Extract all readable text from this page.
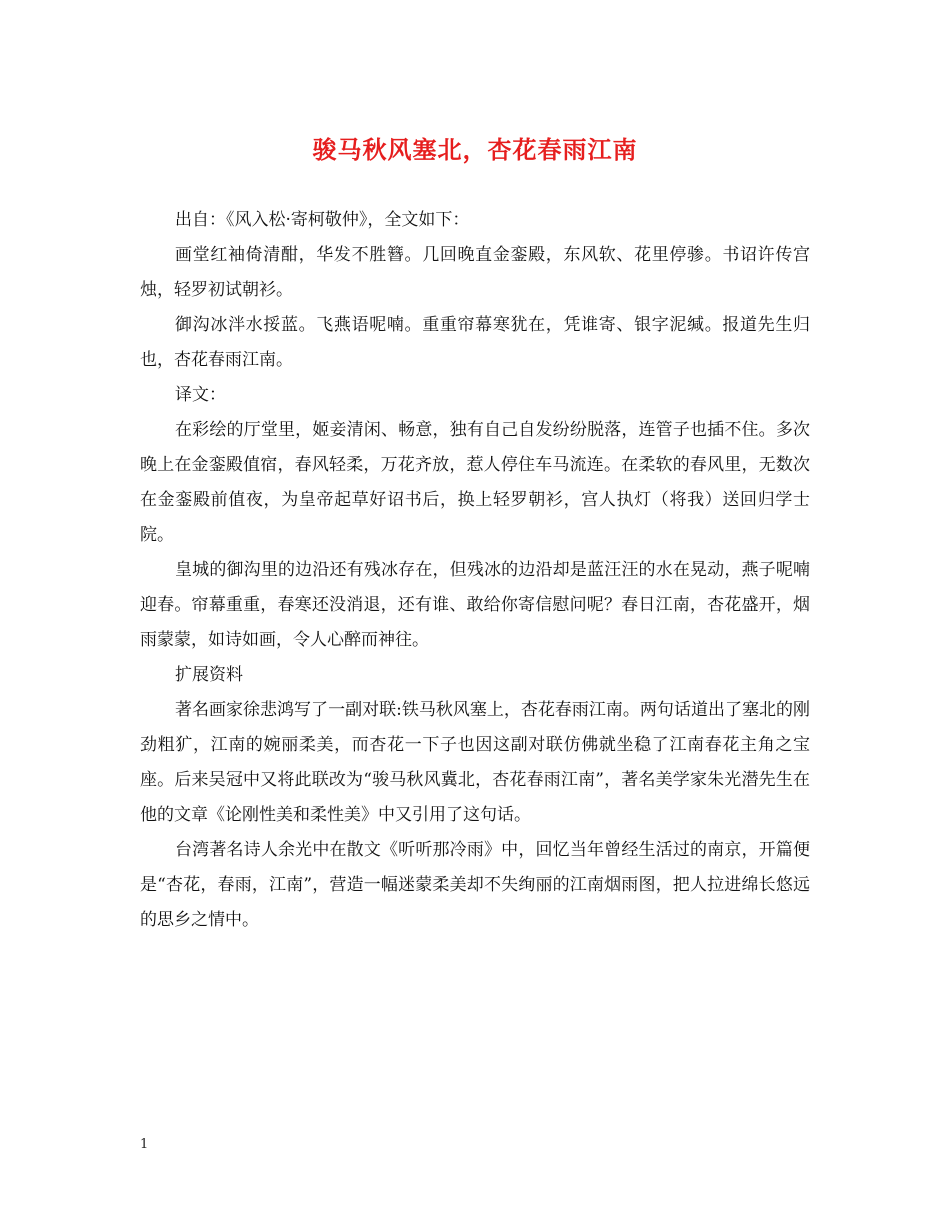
骏马秋风塞北，杏花春雨江南

出自：《风入松·寄柯敬仲》，全文如下：

画堂红袖倚清酣，华发不胜簪。几回晚直金銮殿，东风软、花里停骖。书诏许传宫烛，轻罗初试朝衫。

御沟冰泮水挼蓝。飞燕语呢喃。重重帘幕寒犹在，凭谁寄、银字泥缄。报道先生归也，杏花春雨江南。

译文：

在彩绘的厅堂里，姬妾清闲、畅意，独有自己自发纷纷脱落，连管子也插不住。多次晚上在金銮殿值宿，春风轻柔，万花齐放，惹人停住车马流连。在柔软的春风里，无数次在金銮殿前值夜，为皇帝起草好诏书后，换上轻罗朝衫，宫人执灯（将我）送回归学士院。

皇城的御沟里的边沿还有残冰存在，但残冰的边沿却是蓝汪汪的水在晃动，燕子呢喃迎春。帘幕重重，春寒还没消退，还有谁、敢给你寄信慰问呢？春日江南，杏花盛开，烟雨蒙蒙，如诗如画，令人心醉而神往。

扩展资料

著名画家徐悲鸿写了一副对联:铁马秋风塞上，杏花春雨江南。两句话道出了塞北的刚劲粗犷，江南的婉丽柔美，而杏花一下子也因这副对联仿佛就坐稳了江南春花主角之宝座。后来吴冠中又将此联改为“骏马秋风冀北，杏花春雨江南”，著名美学家朱光潜先生在他的文章《论刚性美和柔性美》中又引用了这句话。

台湾著名诗人余光中在散文《听听那冷雨》中，回忆当年曾经生活过的南京，开篇便是“杏花，春雨，江南”，营造一幅迷蒙柔美却不失绚丽的江南烟雨图，把人拉进绵长悠远的思乡之情中。

1
